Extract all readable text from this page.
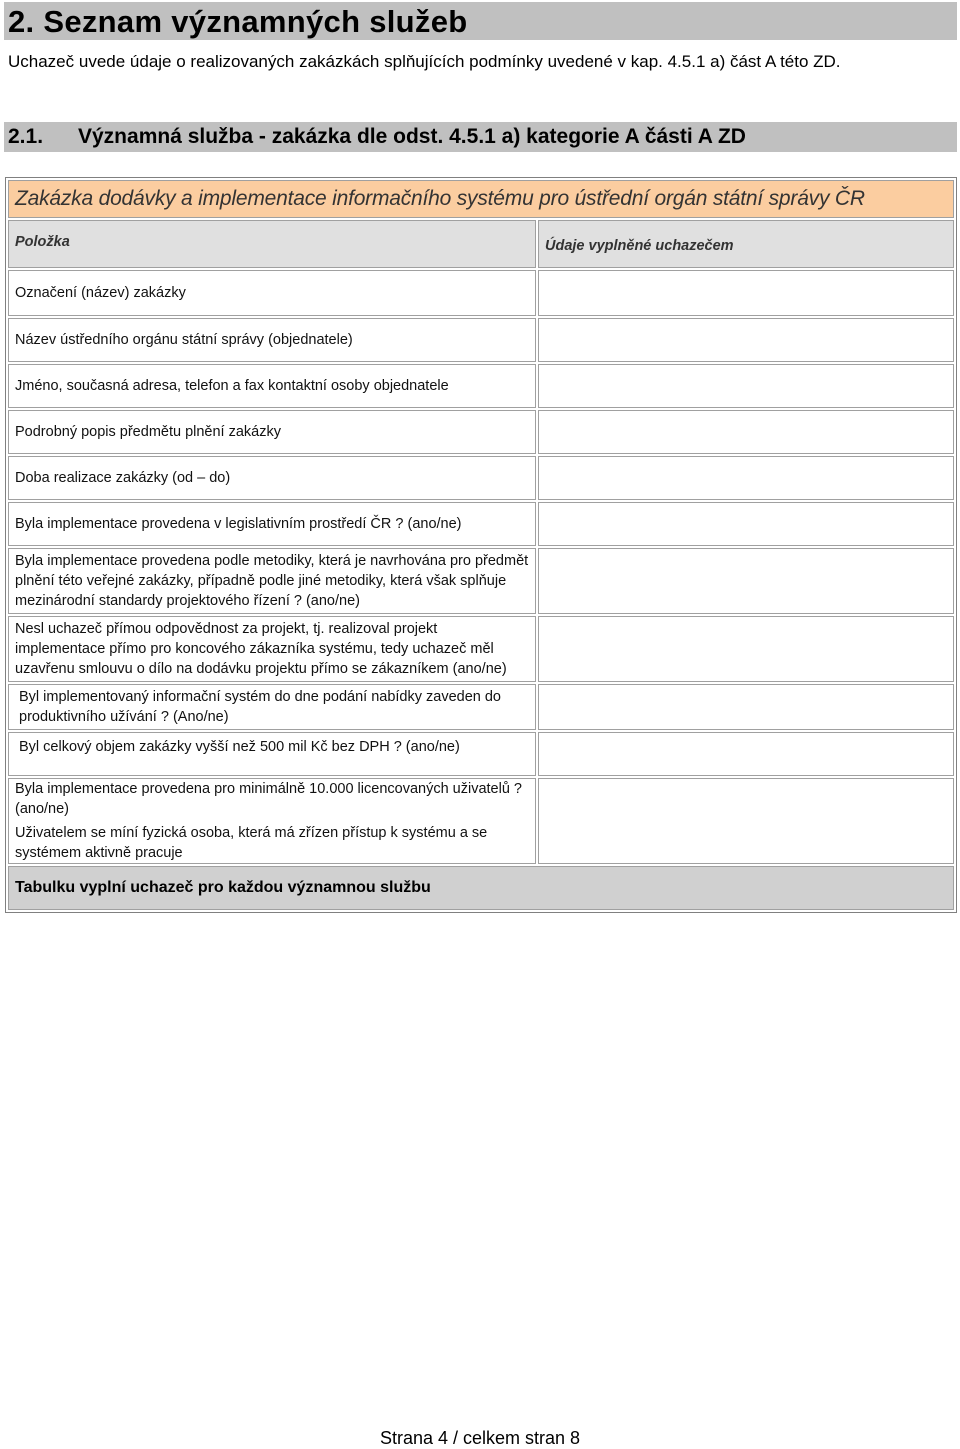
2. Seznam významných služeb
Uchazeč uvede údaje o realizovaných zakázkách splňujících podmínky uvedené v kap. 4.5.1 a) část A této ZD.
2.1. Významná služba - zakázka dle odst. 4.5.1 a) kategorie A části A ZD
Zakázka dodávky a implementace informačního systému pro ústřední orgán státní správy ČR	
Položka	Údaje vyplněné uchazečem
Označení (název) zakázky	
Název ústředního orgánu státní správy (objednatele)	
Jméno, současná adresa, telefon a fax kontaktní osoby objednatele	
Podrobný popis předmětu plnění zakázky	
Doba realizace zakázky (od – do)	
Byla implementace provedena v legislativním prostředí ČR ? (ano/ne)	
Byla implementace provedena podle metodiky, která je navrhována pro předmět plnění této veřejné zakázky, případně podle jiné metodiky, která však splňuje mezinárodní standardy projektového řízení ? (ano/ne)	
Nesl uchazeč přímou odpovědnost za projekt, tj. realizoval projekt implementace přímo pro koncového zákazníka systému, tedy uchazeč měl uzavřenu smlouvu o dílo na dodávku projektu přímo se zákazníkem (ano/ne)	
Byl implementovaný informační systém do dne podání nabídky zaveden do produktivního užívání ? (Ano/ne)	
Byl celkový objem zakázky vyšší než 500 mil Kč bez DPH ? (ano/ne)	

Byla implementace provedena pro minimálně 10.000 licencovaných uživatelů ? (ano/ne)
Uživatelem se míní fyzická osoba, která má zřízen přístup k systému a se systémem aktivně pracuje	

Tabulku vyplní uchazeč pro každou významnou službu	
Strana 4 / celkem stran 8
